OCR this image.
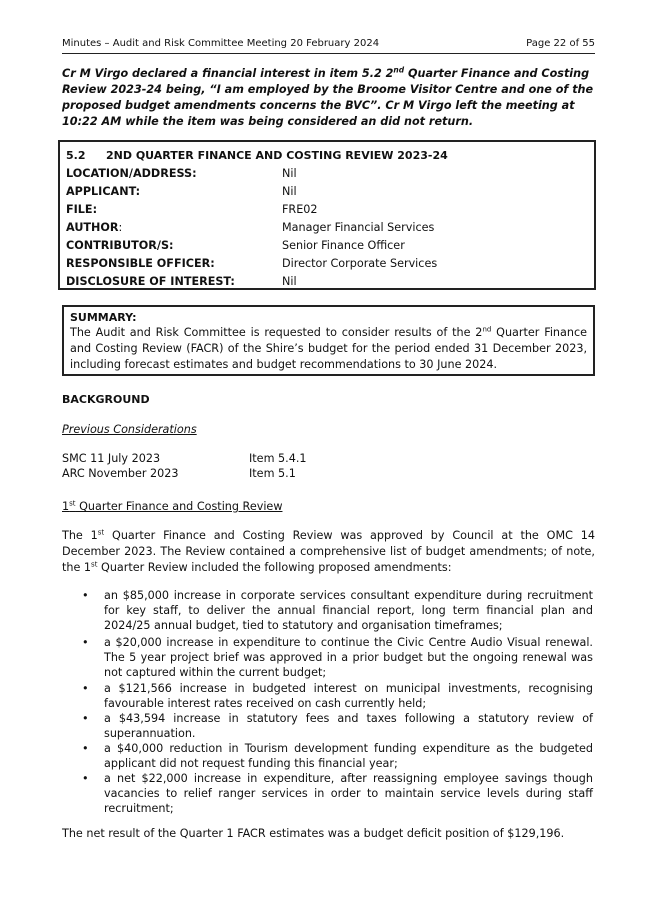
Minutes – Audit and Risk Committee Meeting 20 February 2024	Page 22 of 55
Cr M Virgo declared a financial interest in item 5.2 2nd Quarter Finance and Costing Review 2023-24 being, “I am employed by the Broome Visitor Centre and one of the proposed budget amendments concerns the BVC”. Cr M Virgo left the meeting at 10:22 AM while the item was being considered an did not return.
5.2 2ND QUARTER FINANCE AND COSTING REVIEW 2023-24
LOCATION/ADDRESS:	Nil
APPLICANT:	Nil
FILE:	FRE02
AUTHOR:	Manager Financial Services
CONTRIBUTOR/S:	Senior Finance Officer
RESPONSIBLE OFFICER:	Director Corporate Services
DISCLOSURE OF INTEREST:	Nil
SUMMARY:
The Audit and Risk Committee is requested to consider results of the 2nd Quarter Finance and Costing Review (FACR) of the Shire’s budget for the period ended 31 December 2023, including forecast estimates and budget recommendations to 30 June 2024.
BACKGROUND
Previous Considerations
SMC 11 July 2023	Item 5.4.1
ARC November 2023	Item 5.1
1st Quarter Finance and Costing Review
The 1st Quarter Finance and Costing Review was approved by Council at the OMC 14 December 2023. The Review contained a comprehensive list of budget amendments; of note, the 1st Quarter Review included the following proposed amendments:
• an $85,000 increase in corporate services consultant expenditure during recruitment for key staff, to deliver the annual financial report, long term financial plan and 2024/25 annual budget, tied to statutory and organisation timeframes;
• a $20,000 increase in expenditure to continue the Civic Centre Audio Visual renewal. The 5 year project brief was approved in a prior budget but the ongoing renewal was not captured within the current budget;
• a $121,566 increase in budgeted interest on municipal investments, recognising favourable interest rates received on cash currently held;
• a $43,594 increase in statutory fees and taxes following a statutory review of superannuation.
• a $40,000 reduction in Tourism development funding expenditure as the budgeted applicant did not request funding this financial year;
• a net $22,000 increase in expenditure, after reassigning employee savings though vacancies to relief ranger services in order to maintain service levels during staff recruitment;
The net result of the Quarter 1 FACR estimates was a budget deficit position of $129,196.
